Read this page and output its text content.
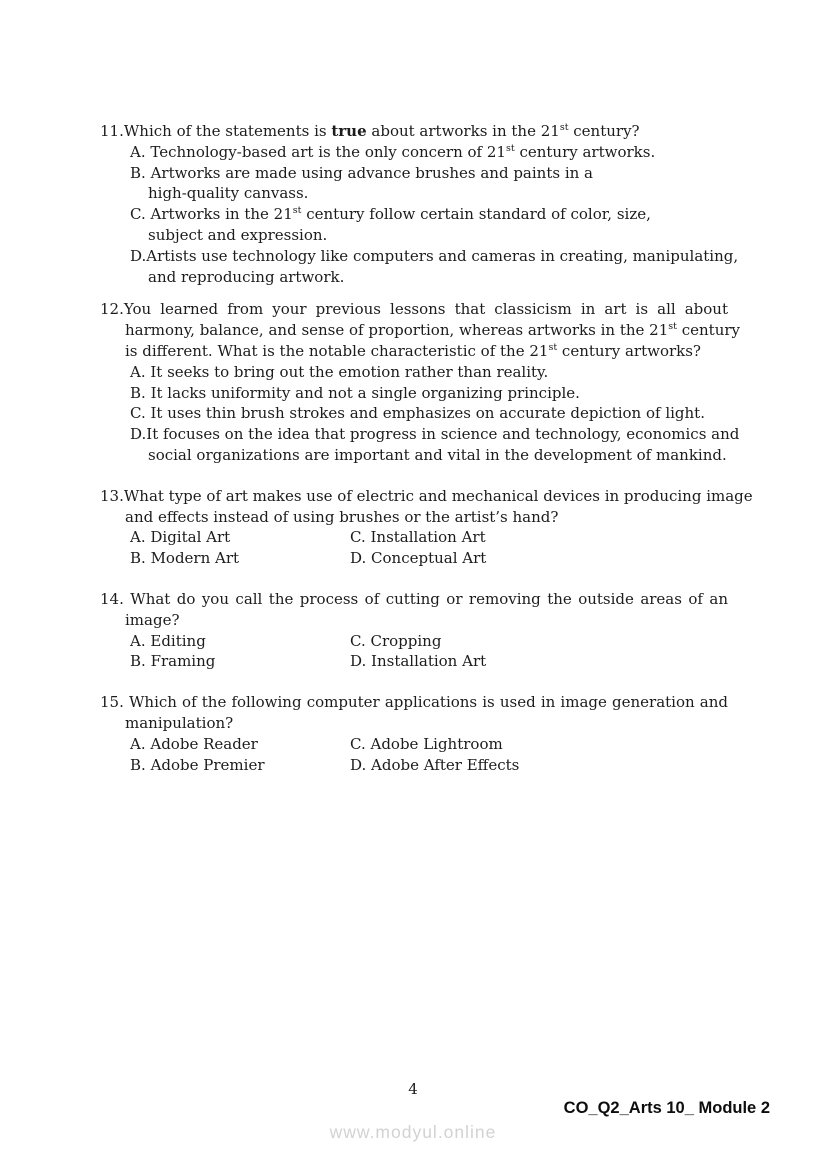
11.Which of the statements is true about artworks in the 21st century?
A. Technology-based art is the only concern of 21st century artworks.
B. Artworks are made using advance brushes and paints in a
high-quality canvass.
C. Artworks in the 21st century follow certain standard of color, size,
subject and expression.
D.Artists use technology like computers and cameras in creating, manipulating,
and reproducing artwork.
12.You learned from your previous lessons that classicism in art is all about
harmony, balance, and sense of proportion, whereas artworks in the 21st century
is different. What is the notable characteristic of the 21st century artworks?
A. It seeks to bring out the emotion rather than reality.
B. It lacks uniformity and not a single organizing principle.
C. It uses thin brush strokes and emphasizes on accurate depiction of light.
D.It focuses on the idea that progress in science and technology, economics and
social organizations are important and vital in the development of mankind.
13.What type of art makes use of electric and mechanical devices in producing image
and effects instead of using brushes or the artist’s hand?
A. Digital Art	C. Installation Art
B. Modern Art	D. Conceptual Art
14. What do you call the process of cutting or removing the outside areas of an
image?
A. Editing	C. Cropping
B. Framing	D. Installation Art
15. Which of the following computer applications is used in image generation and
manipulation?
A. Adobe Reader	C. Adobe Lightroom
B. Adobe Premier	D. Adobe After Effects
4
CO_Q2_Arts 10_ Module 2
www.modyul.online
